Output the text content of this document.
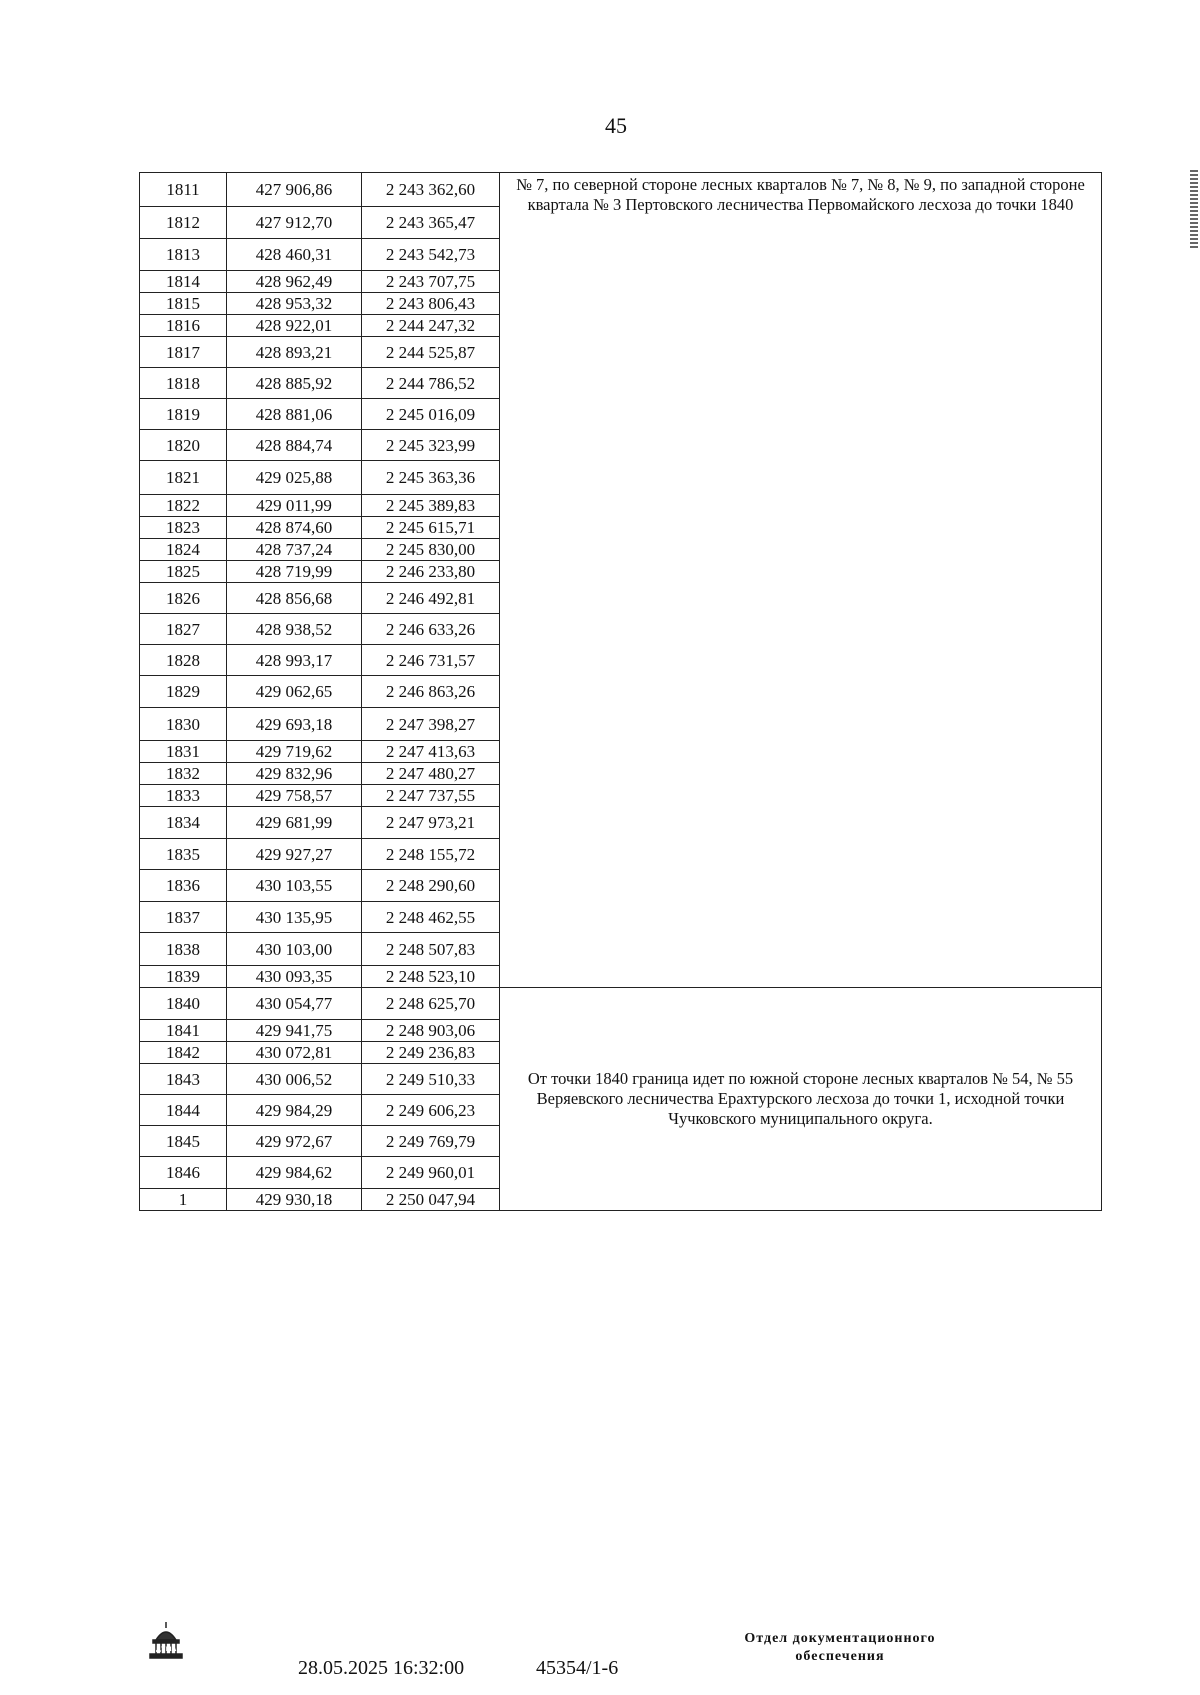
45
1811	427 906,86	2 243 362,60	№ 7, по северной стороне лесных кварталов № 7, № 8, № 9, по западной стороне квартала № 3 Пертовского лесничества Первомайского лесхоза до точки 1840
1812	427 912,70	2 243 365,47	
1813	428 460,31	2 243 542,73	
1814	428 962,49	2 243 707,75	
1815	428 953,32	2 243 806,43	
1816	428 922,01	2 244 247,32	
1817	428 893,21	2 244 525,87	
1818	428 885,92	2 244 786,52	
1819	428 881,06	2 245 016,09	
1820	428 884,74	2 245 323,99	
1821	429 025,88	2 245 363,36	
1822	429 011,99	2 245 389,83	
1823	428 874,60	2 245 615,71	
1824	428 737,24	2 245 830,00	
1825	428 719,99	2 246 233,80	
1826	428 856,68	2 246 492,81	
1827	428 938,52	2 246 633,26	
1828	428 993,17	2 246 731,57	
1829	429 062,65	2 246 863,26	
1830	429 693,18	2 247 398,27	
1831	429 719,62	2 247 413,63	
1832	429 832,96	2 247 480,27	
1833	429 758,57	2 247 737,55	
1834	429 681,99	2 247 973,21	
1835	429 927,27	2 248 155,72	
1836	430 103,55	2 248 290,60	
1837	430 135,95	2 248 462,55	
1838	430 103,00	2 248 507,83	
1839	430 093,35	2 248 523,10	
1840	430 054,77	2 248 625,70	От точки 1840 граница идет по южной стороне лесных кварталов № 54, № 55 Веряевского лесничества Ерахтурского лесхоза до точки 1, исходной точки Чучковского муниципального округа.
1841	429 941,75	2 248 903,06	
1842	430 072,81	2 249 236,83	
1843	430 006,52	2 249 510,33	
1844	429 984,29	2 249 606,23	
1845	429 972,67	2 249 769,79	
1846	429 984,62	2 249 960,01	
1	429 930,18	2 250 047,94	
ДУМА
28.05.2025 16:32:00	45354/1-6
Отдел документационного обеспечения
